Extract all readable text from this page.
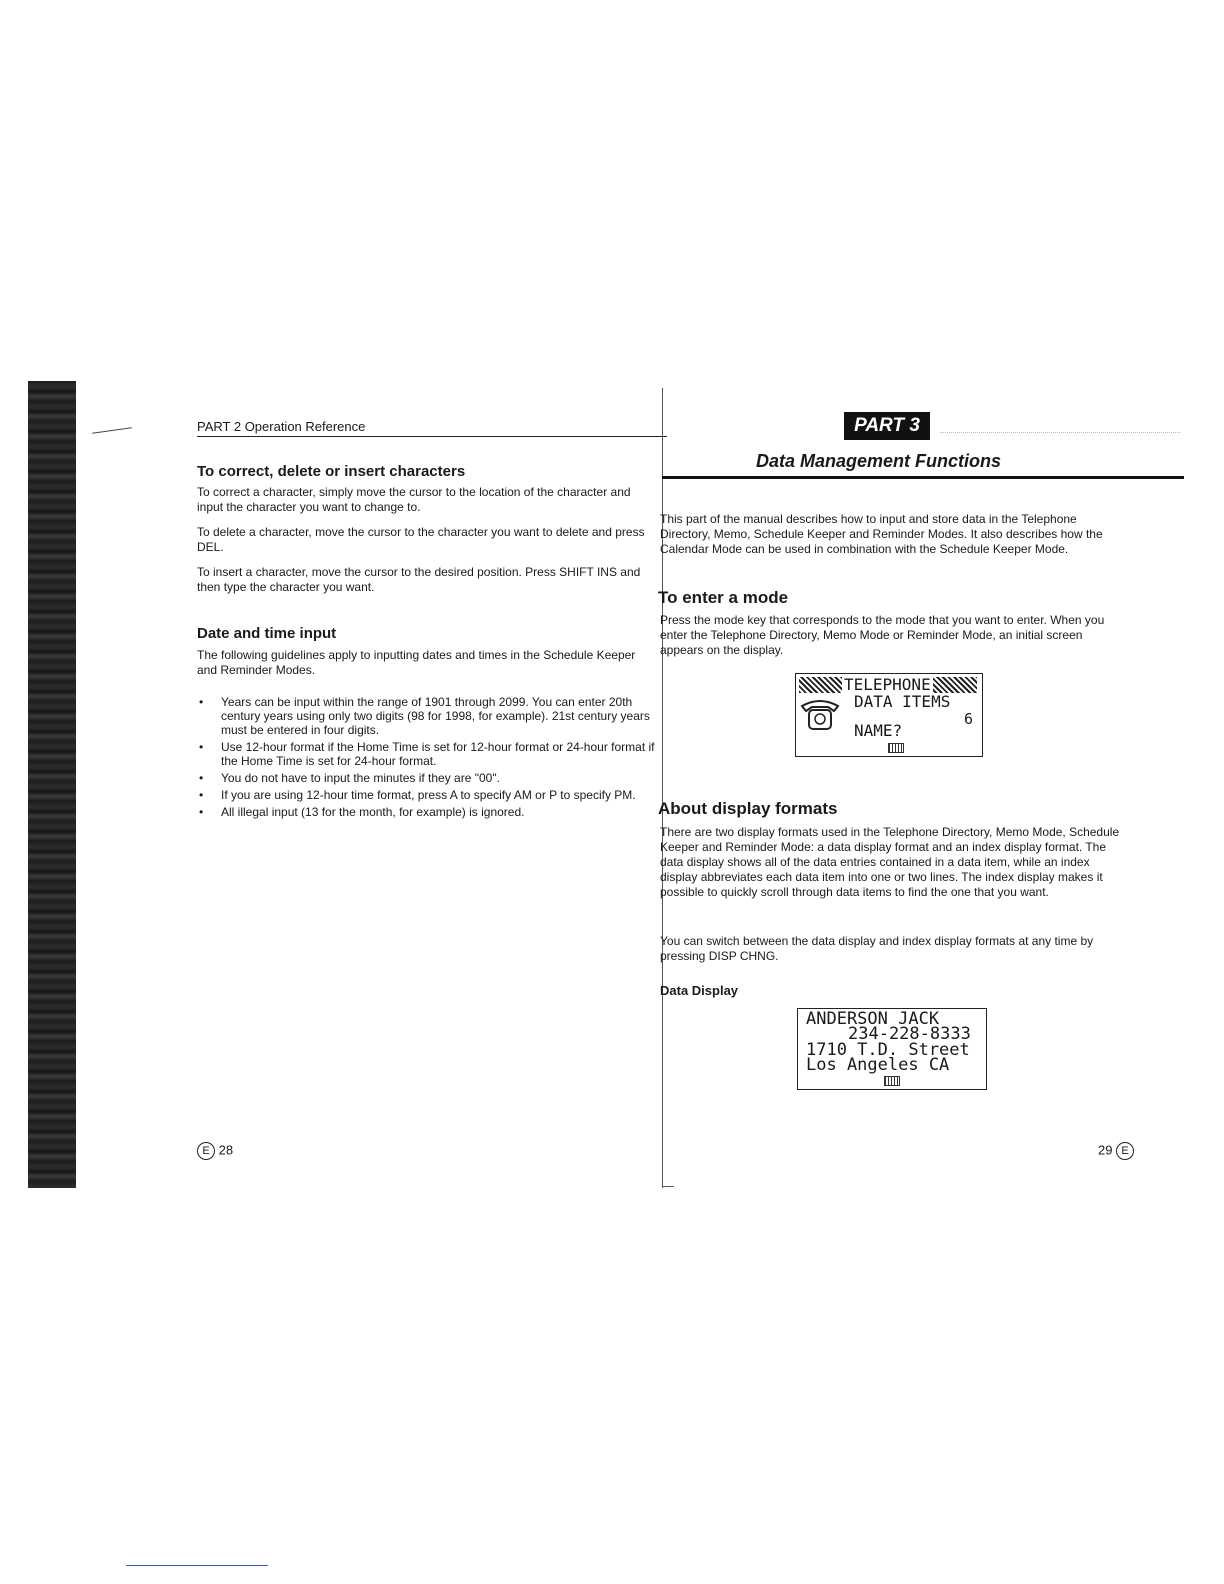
PART 2 Operation Reference
To correct, delete or insert characters
To correct a character, simply move the cursor to the location of the character and input the character you want to change to.
To delete a character, move the cursor to the character you want to delete and press DEL.
To insert a character, move the cursor to the desired position. Press SHIFT INS and then type the character you want.
Date and time input
The following guidelines apply to inputting dates and times in the Schedule Keeper and Reminder Modes.
• Years can be input within the range of 1901 through 2099. You can enter 20th century years using only two digits (98 for 1998, for example). 21st century years must be entered in four digits.
• Use 12-hour format if the Home Time is set for 12-hour format or 24-hour format if the Home Time is set for 24-hour format.
• You do not have to input the minutes if they are "00".
• If you are using 12-hour time format, press A to specify AM or P to specify PM.
• All illegal input (13 for the month, for example) is ignored.
E 28
PART 3
Data Management Functions
This part of the manual describes how to input and store data in the Telephone Directory, Memo, Schedule Keeper and Reminder Modes. It also describes how the Calendar Mode can be used in combination with the Schedule Keeper Mode.
To enter a mode
Press the mode key that corresponds to the mode that you want to enter. When you enter the Telephone Directory, Memo Mode or Reminder Mode, an initial screen appears on the display.
TELEPHONE
DATA ITEMS
6
NAME?
About display formats
There are two display formats used in the Telephone Directory, Memo Mode, Schedule Keeper and Reminder Mode: a data display format and an index display format. The data display shows all of the data entries contained in a data item, while an index display abbreviates each data item into one or two lines. The index display makes it possible to quickly scroll through data items to find the one that you want.
You can switch between the data display and index display formats at any time by pressing DISP CHNG.
Data Display
ANDERSON JACK
234-228-8333
1710 T.D. Street
Los Angeles CA
29 E
